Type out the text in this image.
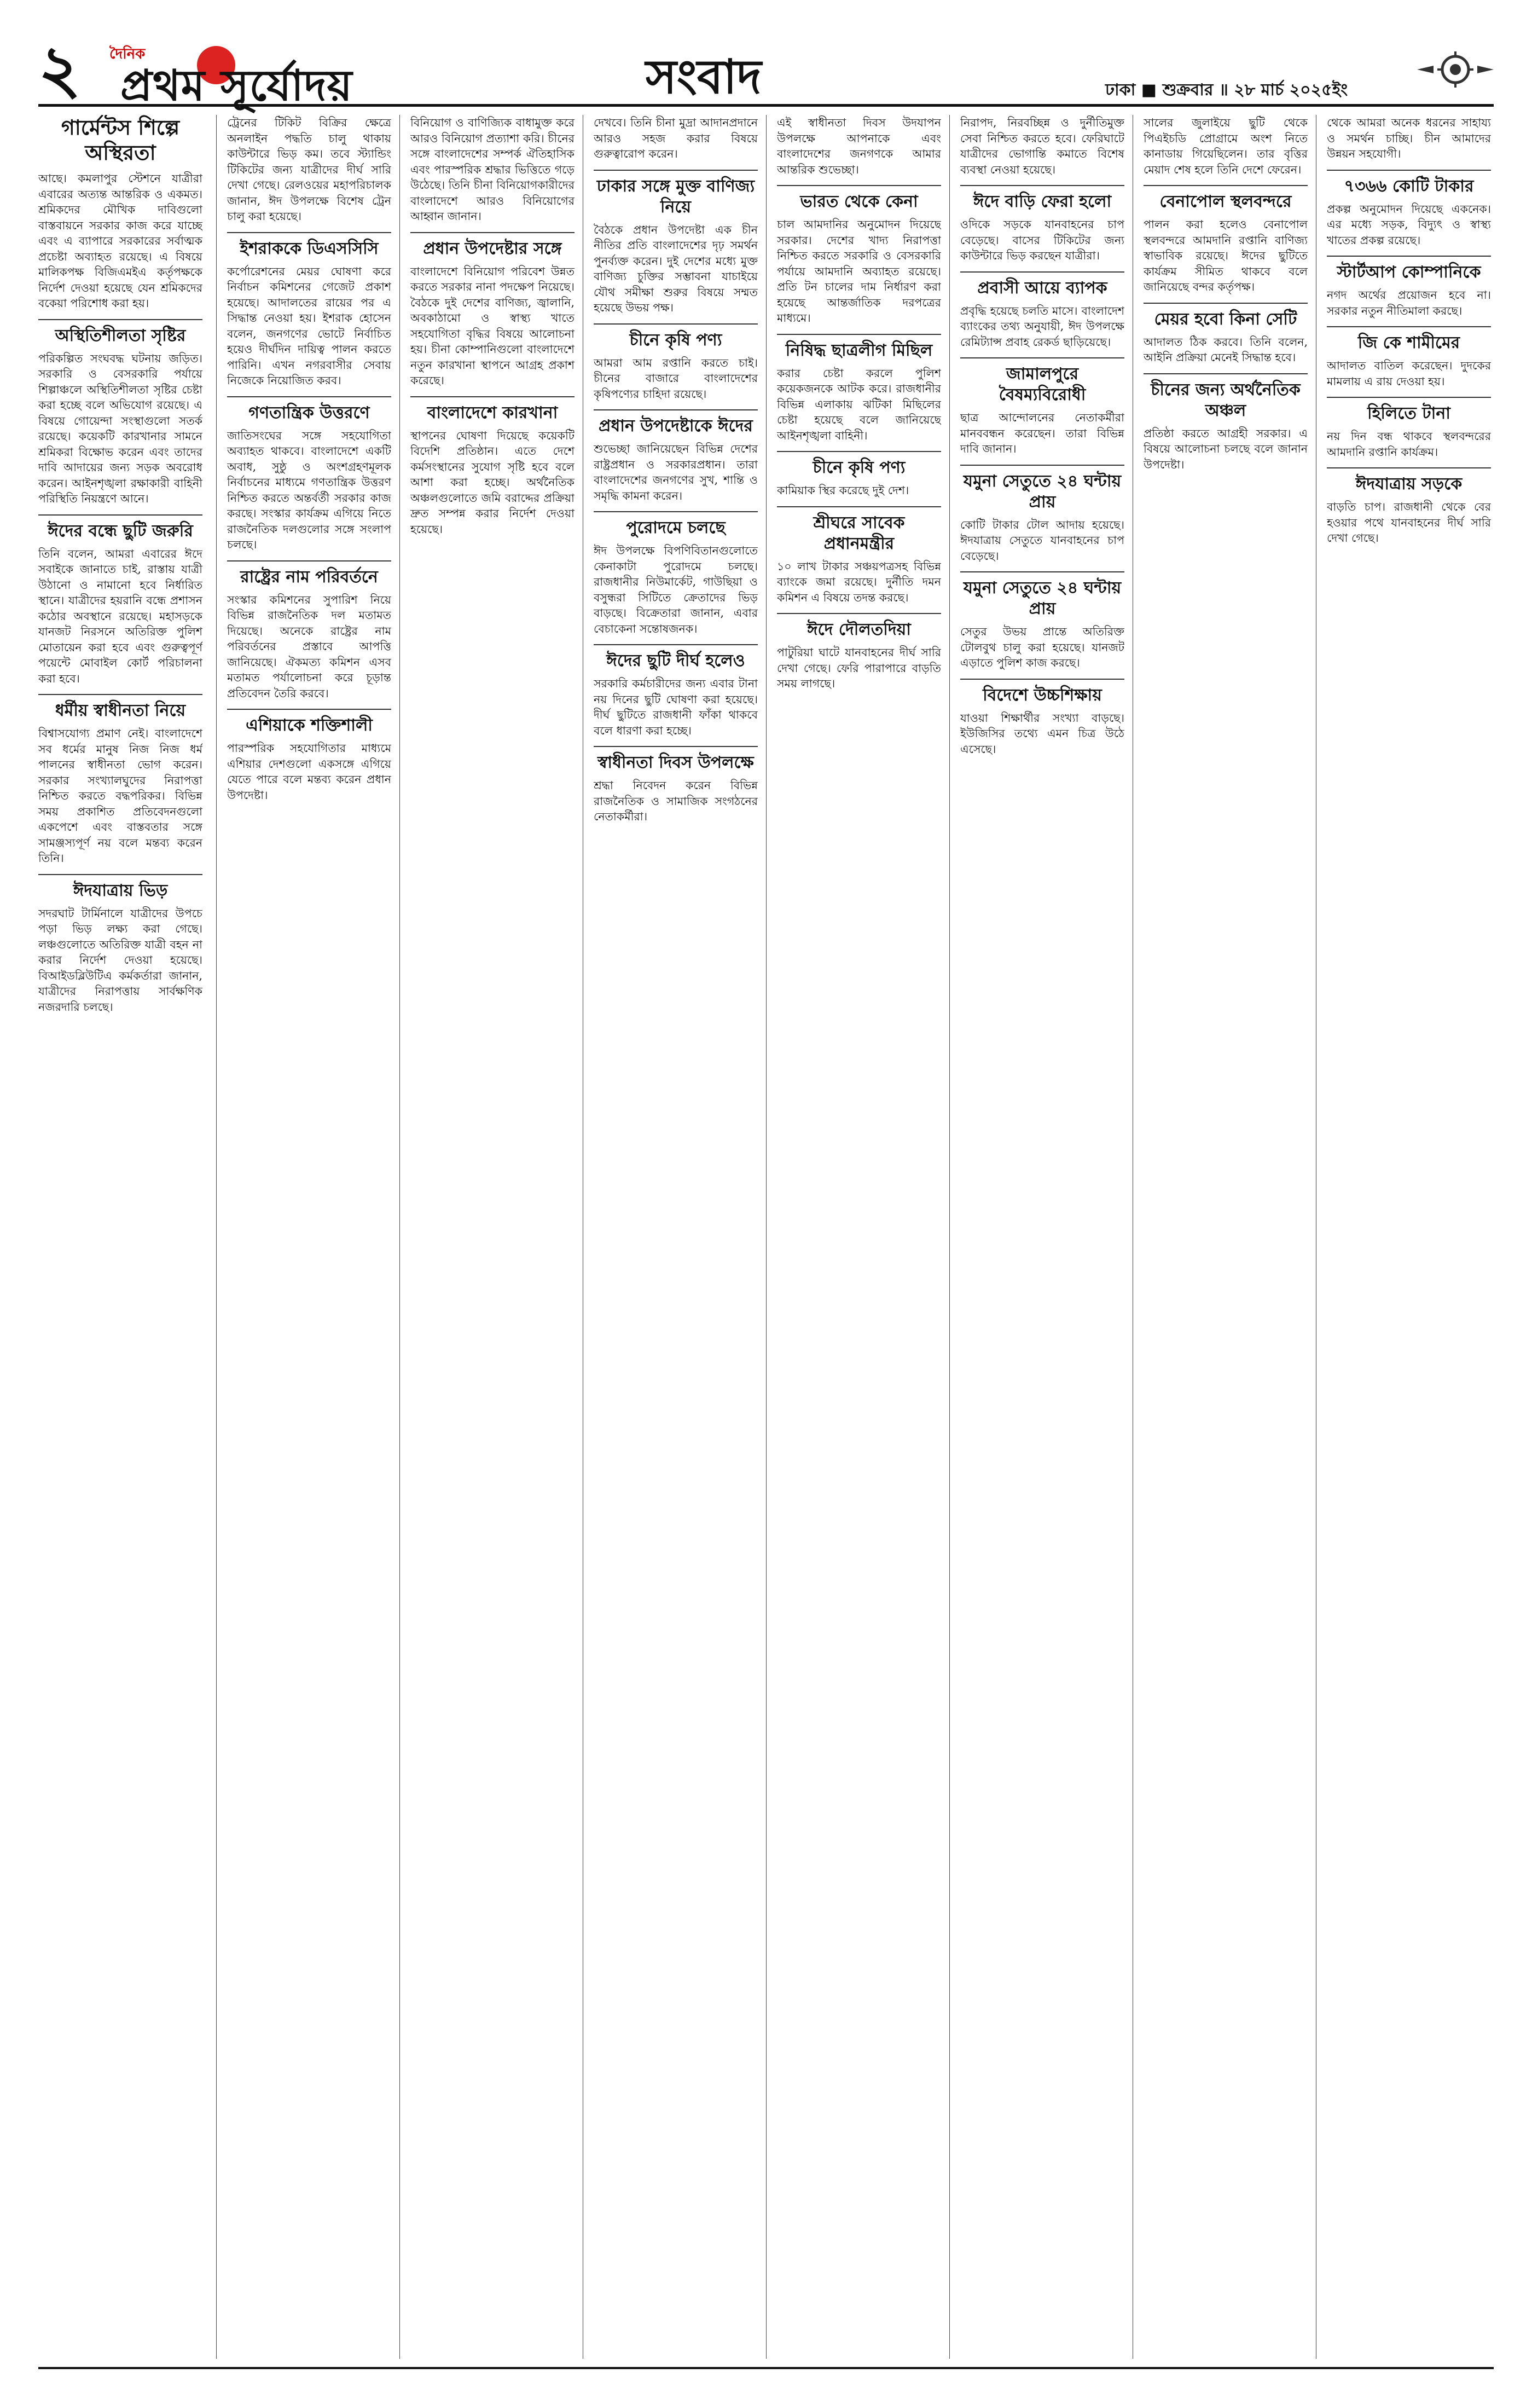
২ দৈনিক
প্রথম সূর্যোদয়	সংবাদ	ঢাকা ■ শুক্রবার ॥ ২৮ মার্চ ২০২৫ইং
গার্মেন্টস শিল্পে অস্থিরতা

আছে। কমলাপুর স্টেশনে যাত্রীরা এবারের অত্যন্ত আন্তরিক ও একমত। শ্রমিকদের মৌখিক দাবিগুলো বাস্তবায়নে সরকার কাজ করে যাচ্ছে এবং এ ব্যাপারে সরকারের সর্বাত্মক প্রচেষ্টা অব্যাহত রয়েছে। এ বিষয়ে মালিকপক্ষ বিজিএমইএ কর্তৃপক্ষকে নির্দেশ দেওয়া হয়েছে যেন শ্রমিকদের বকেয়া পরিশোধ করা হয়।

অস্থিতিশীলতা সৃষ্টির

পরিকল্পিত সংঘবদ্ধ ঘটনায় জড়িত। সরকারি ও বেসরকারি পর্যায়ে শিল্পাঞ্চলে অস্থিতিশীলতা সৃষ্টির চেষ্টা করা হচ্ছে বলে অভিযোগ রয়েছে। এ বিষয়ে গোয়েন্দা সংস্থাগুলো সতর্ক রয়েছে। কয়েকটি কারখানার সামনে শ্রমিকরা বিক্ষোভ করেন এবং তাদের দাবি আদায়ের জন্য সড়ক অবরোধ করেন। আইনশৃঙ্খলা রক্ষাকারী বাহিনী পরিস্থিতি নিয়ন্ত্রণে আনে।

ঈদের বন্ধে ছুটি জরুরি

তিনি বলেন, আমরা এবারের ঈদে সবাইকে জানাতে চাই, রাস্তায় যাত্রী উঠানো ও নামানো হবে নির্ধারিত স্থানে। যাত্রীদের হয়রানি বন্ধে প্রশাসন কঠোর অবস্থানে রয়েছে। মহাসড়কে যানজট নিরসনে অতিরিক্ত পুলিশ মোতায়েন করা হবে এবং গুরুত্বপূর্ণ পয়েন্টে মোবাইল কোর্ট পরিচালনা করা হবে।

ধর্মীয় স্বাধীনতা নিয়ে

বিশ্বাসযোগ্য প্রমাণ নেই। বাংলাদেশে সব ধর্মের মানুষ নিজ নিজ ধর্ম পালনের স্বাধীনতা ভোগ করেন। সরকার সংখ্যালঘুদের নিরাপত্তা নিশ্চিত করতে বদ্ধপরিকর। বিভিন্ন সময় প্রকাশিত প্রতিবেদনগুলো একপেশে এবং বাস্তবতার সঙ্গে সামঞ্জস্যপূর্ণ নয় বলে মন্তব্য করেন তিনি।

ঈদযাত্রায় ভিড়

সদরঘাট টার্মিনালে যাত্রীদের উপচে পড়া ভিড় লক্ষ্য করা গেছে। লঞ্চগুলোতে অতিরিক্ত যাত্রী বহন না করার নির্দেশ দেওয়া হয়েছে। বিআইডব্লিউটিএ কর্মকর্তারা জানান, যাত্রীদের নিরাপত্তায় সার্বক্ষণিক নজরদারি চলছে।

ট্রেনের টিকিট বিক্রির ক্ষেত্রে অনলাইন পদ্ধতি চালু থাকায় কাউন্টারে ভিড় কম। তবে স্ট্যান্ডিং টিকিটের জন্য যাত্রীদের দীর্ঘ সারি দেখা গেছে। রেলওয়ের মহাপরিচালক জানান, ঈদ উপলক্ষে বিশেষ ট্রেন চালু করা হয়েছে।

ইশরাককে ডিএসসিসি

কর্পোরেশনের মেয়র ঘোষণা করে নির্বাচন কমিশনের গেজেট প্রকাশ হয়েছে। আদালতের রায়ের পর এ সিদ্ধান্ত নেওয়া হয়। ইশরাক হোসেন বলেন, জনগণের ভোটে নির্বাচিত হয়েও দীর্ঘদিন দায়িত্ব পালন করতে পারিনি। এখন নগরবাসীর সেবায় নিজেকে নিয়োজিত করব।

গণতান্ত্রিক উত্তরণে

জাতিসংঘের সঙ্গে সহযোগিতা অব্যাহত থাকবে। বাংলাদেশে একটি অবাধ, সুষ্ঠু ও অংশগ্রহণমূলক নির্বাচনের মাধ্যমে গণতান্ত্রিক উত্তরণ নিশ্চিত করতে অন্তর্বর্তী সরকার কাজ করছে। সংস্কার কার্যক্রম এগিয়ে নিতে রাজনৈতিক দলগুলোর সঙ্গে সংলাপ চলছে।

রাষ্ট্রের নাম পরিবর্তনে

সংস্কার কমিশনের সুপারিশ নিয়ে বিভিন্ন রাজনৈতিক দল মতামত দিয়েছে। অনেকে রাষ্ট্রের নাম পরিবর্তনের প্রস্তাবে আপত্তি জানিয়েছে। ঐকমত্য কমিশন এসব মতামত পর্যালোচনা করে চূড়ান্ত প্রতিবেদন তৈরি করবে।

এশিয়াকে শক্তিশালী

পারস্পরিক সহযোগিতার মাধ্যমে এশিয়ার দেশগুলো একসঙ্গে এগিয়ে যেতে পারে বলে মন্তব্য করেন প্রধান উপদেষ্টা।

বিনিয়োগ ও বাণিজ্যিক বাধামুক্ত করে আরও বিনিয়োগ প্রত্যাশা করি। চীনের সঙ্গে বাংলাদেশের সম্পর্ক ঐতিহাসিক এবং পারস্পরিক শ্রদ্ধার ভিত্তিতে গড়ে উঠেছে। তিনি চীনা বিনিয়োগকারীদের বাংলাদেশে আরও বিনিয়োগের আহ্বান জানান।

প্রধান উপদেষ্টার সঙ্গে

বাংলাদেশে বিনিয়োগ পরিবেশ উন্নত করতে সরকার নানা পদক্ষেপ নিয়েছে। বৈঠকে দুই দেশের বাণিজ্য, জ্বালানি, অবকাঠামো ও স্বাস্থ্য খাতে সহযোগিতা বৃদ্ধির বিষয়ে আলোচনা হয়। চীনা কোম্পানিগুলো বাংলাদেশে নতুন কারখানা স্থাপনে আগ্রহ প্রকাশ করেছে।

বাংলাদেশে কারখানা

স্থাপনের ঘোষণা দিয়েছে কয়েকটি বিদেশি প্রতিষ্ঠান। এতে দেশে কর্মসংস্থানের সুযোগ সৃষ্টি হবে বলে আশা করা হচ্ছে। অর্থনৈতিক অঞ্চলগুলোতে জমি বরাদ্দের প্রক্রিয়া দ্রুত সম্পন্ন করার নির্দেশ দেওয়া হয়েছে।

দেখবে। তিনি চীনা মুদ্রা আদানপ্রদানে আরও সহজ করার বিষয়ে গুরুত্বারোপ করেন।

ঢাকার সঙ্গে মুক্ত বাণিজ্য নিয়ে

বৈঠকে প্রধান উপদেষ্টা এক চীন নীতির প্রতি বাংলাদেশের দৃঢ় সমর্থন পুনর্ব্যক্ত করেন। দুই দেশের মধ্যে মুক্ত বাণিজ্য চুক্তির সম্ভাবনা যাচাইয়ে যৌথ সমীক্ষা শুরুর বিষয়ে সম্মত হয়েছে উভয় পক্ষ।

চীনে কৃষি পণ্য

আমরা আম রপ্তানি করতে চাই। চীনের বাজারে বাংলাদেশের কৃষিপণ্যের চাহিদা রয়েছে।

প্রধান উপদেষ্টাকে ঈদের

শুভেচ্ছা জানিয়েছেন বিভিন্ন দেশের রাষ্ট্রপ্রধান ও সরকারপ্রধান। তারা বাংলাদেশের জনগণের সুখ, শান্তি ও সমৃদ্ধি কামনা করেন।

পুরোদমে চলছে

ঈদ উপলক্ষে বিপণিবিতানগুলোতে কেনাকাটা পুরোদমে চলছে। রাজধানীর নিউমার্কেট, গাউছিয়া ও বসুন্ধরা সিটিতে ক্রেতাদের ভিড় বাড়ছে। বিক্রেতারা জানান, এবার বেচাকেনা সন্তোষজনক।

ঈদের ছুটি দীর্ঘ হলেও

সরকারি কর্মচারীদের জন্য এবার টানা নয় দিনের ছুটি ঘোষণা করা হয়েছে। দীর্ঘ ছুটিতে রাজধানী ফাঁকা থাকবে বলে ধারণা করা হচ্ছে।

স্বাধীনতা দিবস উপলক্ষে

শ্রদ্ধা নিবেদন করেন বিভিন্ন রাজনৈতিক ও সামাজিক সংগঠনের নেতাকর্মীরা।

এই স্বাধীনতা দিবস উদযাপন উপলক্ষে আপনাকে এবং বাংলাদেশের জনগণকে আমার আন্তরিক শুভেচ্ছা।

ভারত থেকে কেনা

চাল আমদানির অনুমোদন দিয়েছে সরকার। দেশের খাদ্য নিরাপত্তা নিশ্চিত করতে সরকারি ও বেসরকারি পর্যায়ে আমদানি অব্যাহত রয়েছে। প্রতি টন চালের দাম নির্ধারণ করা হয়েছে আন্তর্জাতিক দরপত্রের মাধ্যমে।

নিষিদ্ধ ছাত্রলীগ মিছিল

করার চেষ্টা করলে পুলিশ কয়েকজনকে আটক করে। রাজধানীর বিভিন্ন এলাকায় ঝটিকা মিছিলের চেষ্টা হয়েছে বলে জানিয়েছে আইনশৃঙ্খলা বাহিনী।

চীনে কৃষি পণ্য

কামিয়াক স্থির করেছে দুই দেশ।

শ্রীঘরে সাবেক প্রধানমন্ত্রীর

১০ লাখ টাকার সঞ্চয়পত্রসহ বিভিন্ন ব্যাংকে জমা রয়েছে। দুর্নীতি দমন কমিশন এ বিষয়ে তদন্ত করছে।

ঈদে দৌলতদিয়া

পাটুরিয়া ঘাটে যানবাহনের দীর্ঘ সারি দেখা গেছে। ফেরি পারাপারে বাড়তি সময় লাগছে।

নিরাপদ, নিরবচ্ছিন্ন ও দুর্নীতিমুক্ত সেবা নিশ্চিত করতে হবে। ফেরিঘাটে যাত্রীদের ভোগান্তি কমাতে বিশেষ ব্যবস্থা নেওয়া হয়েছে।

ঈদে বাড়ি ফেরা হলো

ওদিকে সড়কে যানবাহনের চাপ বেড়েছে। বাসের টিকিটের জন্য কাউন্টারে ভিড় করছেন যাত্রীরা।

প্রবাসী আয়ে ব্যাপক

প্রবৃদ্ধি হয়েছে চলতি মাসে। বাংলাদেশ ব্যাংকের তথ্য অনুযায়ী, ঈদ উপলক্ষে রেমিট্যান্স প্রবাহ রেকর্ড ছাড়িয়েছে।

জামালপুরে বৈষম্যবিরোধী

ছাত্র আন্দোলনের নেতাকর্মীরা মানববন্ধন করেছেন। তারা বিভিন্ন দাবি জানান।

যমুনা সেতুতে ২৪ ঘন্টায় প্রায়

কোটি টাকার টোল আদায় হয়েছে। ঈদযাত্রায় সেতুতে যানবাহনের চাপ বেড়েছে।

যমুনা সেতুতে ২৪ ঘন্টায় প্রায়

সেতুর উভয় প্রান্তে অতিরিক্ত টোলবুথ চালু করা হয়েছে। যানজট এড়াতে পুলিশ কাজ করছে।

বিদেশে উচ্চশিক্ষায়

যাওয়া শিক্ষার্থীর সংখ্যা বাড়ছে। ইউজিসির তথ্যে এমন চিত্র উঠে এসেছে।

সালের জুলাইয়ে ছুটি থেকে পিএইচডি প্রোগ্রামে অংশ নিতে কানাডায় গিয়েছিলেন। তার বৃত্তির মেয়াদ শেষ হলে তিনি দেশে ফেরেন।

বেনাপোল স্থলবন্দরে

পালন করা হলেও বেনাপোল স্থলবন্দরে আমদানি রপ্তানি বাণিজ্য স্বাভাবিক রয়েছে। ঈদের ছুটিতে কার্যক্রম সীমিত থাকবে বলে জানিয়েছে বন্দর কর্তৃপক্ষ।

মেয়র হবো কিনা সেটি

আদালত ঠিক করবে। তিনি বলেন, আইনি প্রক্রিয়া মেনেই সিদ্ধান্ত হবে।

চীনের জন্য অর্থনৈতিক অঞ্চল

প্রতিষ্ঠা করতে আগ্রহী সরকার। এ বিষয়ে আলোচনা চলছে বলে জানান উপদেষ্টা।

থেকে আমরা অনেক ধরনের সাহায্য ও সমর্থন চাচ্ছি। চীন আমাদের উন্নয়ন সহযোগী।

৭৩৬৬ কোটি টাকার

প্রকল্প অনুমোদন দিয়েছে একনেক। এর মধ্যে সড়ক, বিদ্যুৎ ও স্বাস্থ্য খাতের প্রকল্প রয়েছে।

স্টার্টআপ কোম্পানিকে

নগদ অর্থের প্রয়োজন হবে না। সরকার নতুন নীতিমালা করছে।

জি কে শামীমের

আদালত বাতিল করেছেন। দুদকের মামলায় এ রায় দেওয়া হয়।

হিলিতে টানা

নয় দিন বন্ধ থাকবে স্থলবন্দরের আমদানি রপ্তানি কার্যক্রম।

ঈদযাত্রায় সড়কে

বাড়তি চাপ। রাজধানী থেকে বের হওয়ার পথে যানবাহনের দীর্ঘ সারি দেখা গেছে।
